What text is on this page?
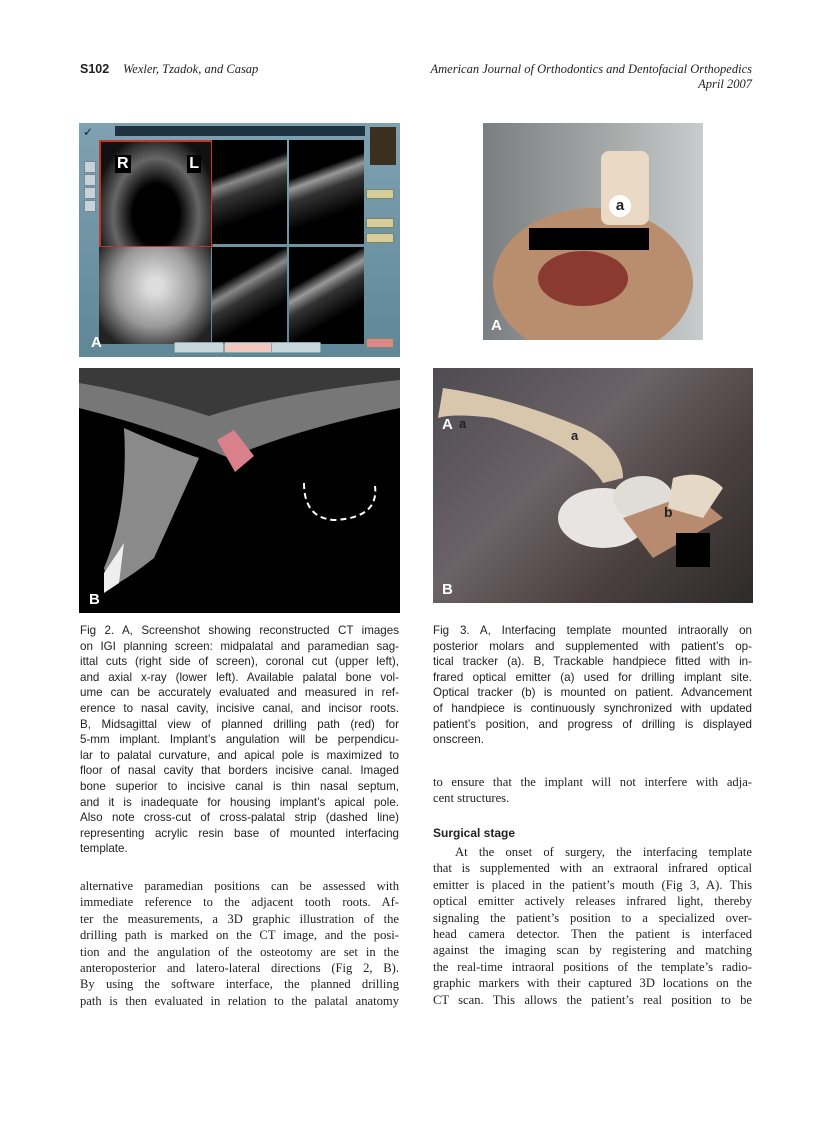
S102 Wexler, Tzadok, and Casap	American Journal of Orthodontics and Dentofacial Orthopedics
April 2007
✓
R	L
A
B
a
A
a
a
b
A
B
Fig 2. A, Screenshot showing reconstructed CT images
on IGI planning screen: midpalatal and paramedian sag-
ittal cuts (right side of screen), coronal cut (upper left),
and axial x-ray (lower left). Available palatal bone vol-
ume can be accurately evaluated and measured in ref-
erence to nasal cavity, incisive canal, and incisor roots.
B, Midsagittal view of planned drilling path (red) for
5-mm implant. Implant’s angulation will be perpendicu-
lar to palatal curvature, and apical pole is maximized to
floor of nasal cavity that borders incisive canal. Imaged
bone superior to incisive canal is thin nasal septum,
and it is inadequate for housing implant’s apical pole.
Also note cross-cut of cross-palatal strip (dashed line)
representing acrylic resin base of mounted interfacing
template.
Fig 3. A, Interfacing template mounted intraorally on
posterior molars and supplemented with patient’s op-
tical tracker (a). B, Trackable handpiece fitted with in-
frared optical emitter (a) used for drilling implant site.
Optical tracker (b) is mounted on patient. Advancement
of handpiece is continuously synchronized with updated
patient’s position, and progress of drilling is displayed
onscreen.
alternative paramedian positions can be assessed with
immediate reference to the adjacent tooth roots. Af-
ter the measurements, a 3D graphic illustration of the
drilling path is marked on the CT image, and the posi-
tion and the angulation of the osteotomy are set in the
anteroposterior and latero-lateral directions (Fig 2, B).
By using the software interface, the planned drilling
path is then evaluated in relation to the palatal anatomy
to ensure that the implant will not interfere with adja-
cent structures.
Surgical stage
At the onset of surgery, the interfacing template
that is supplemented with an extraoral infrared optical
emitter is placed in the patient’s mouth (Fig 3, A). This
optical emitter actively releases infrared light, thereby
signaling the patient’s position to a specialized over-
head camera detector. Then the patient is interfaced
against the imaging scan by registering and matching
the real-time intraoral positions of the template’s radio-
graphic markers with their captured 3D locations on the
CT scan. This allows the patient’s real position to be
